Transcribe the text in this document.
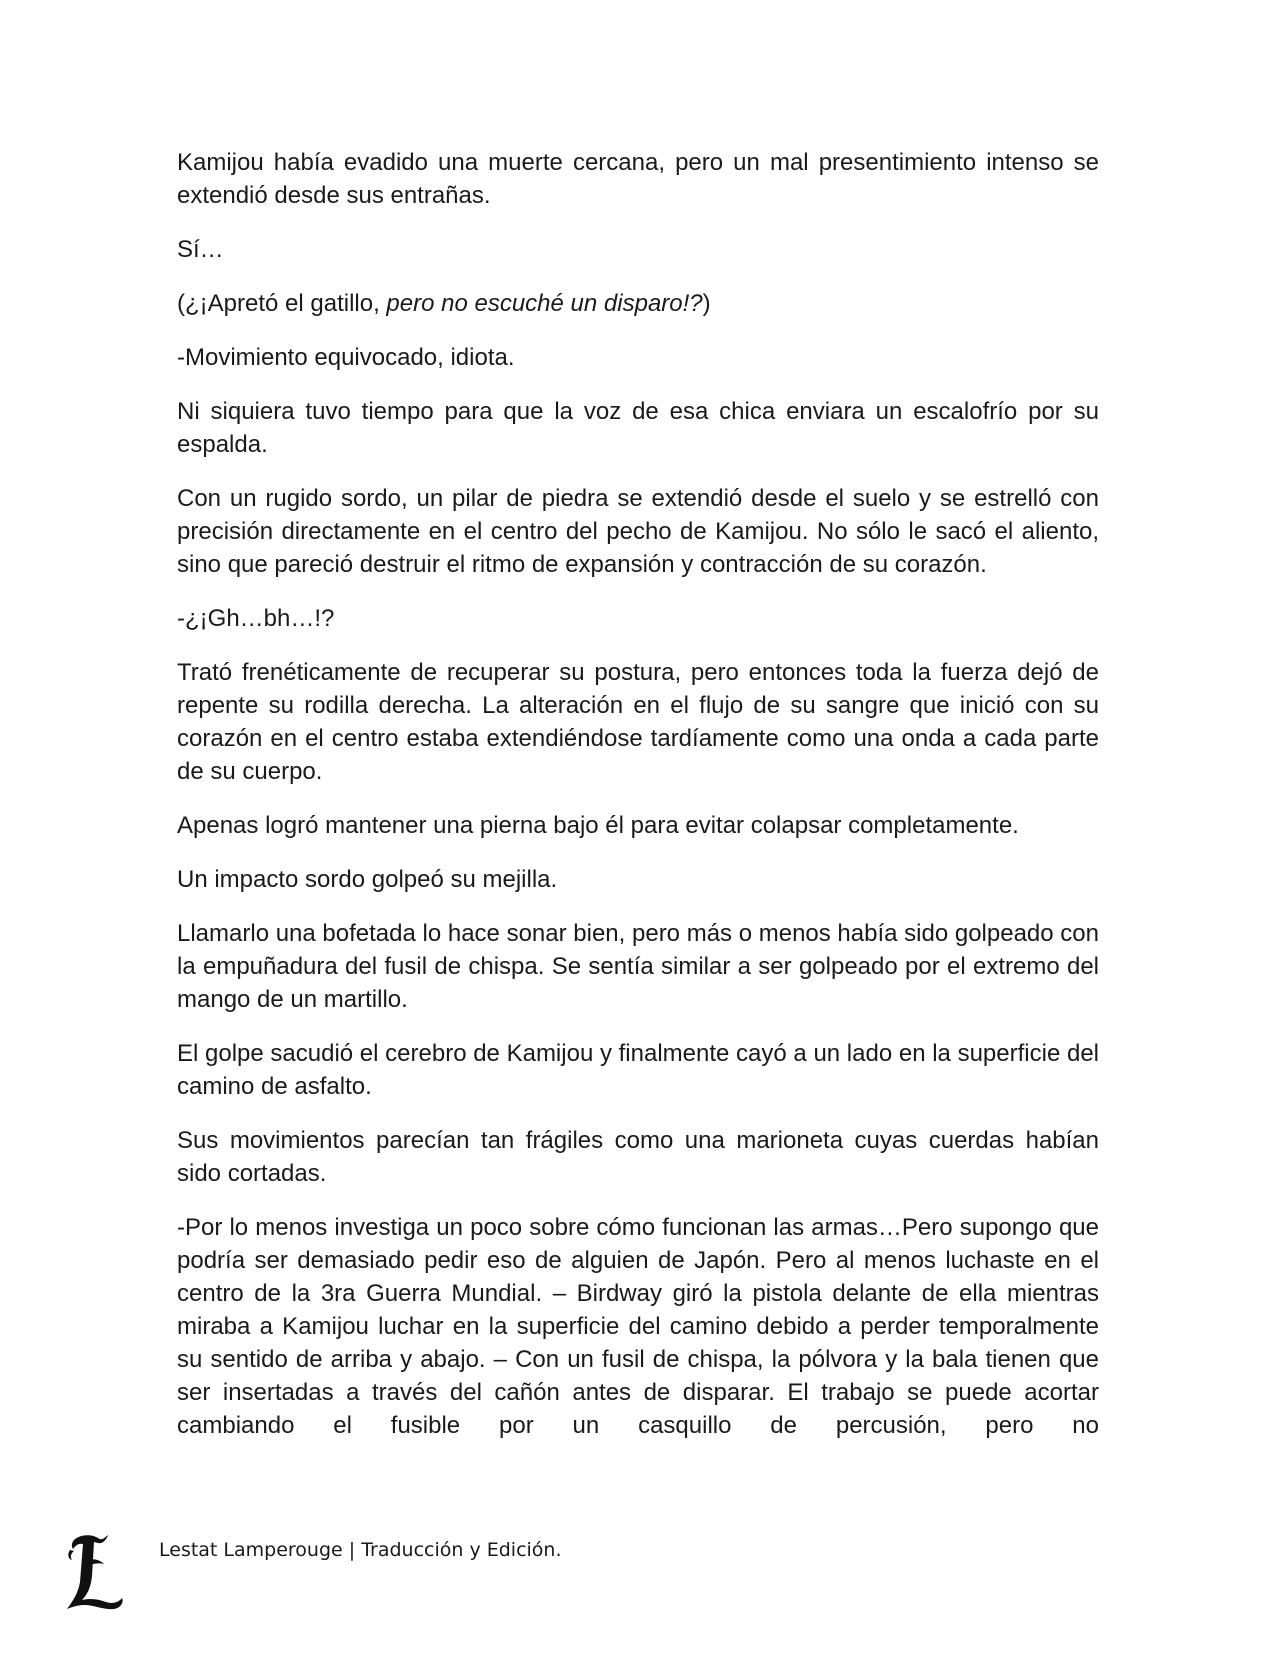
Kamijou había evadido una muerte cercana, pero un mal presentimiento intenso se extendió desde sus entrañas.

Sí…

(¿¡Apretó el gatillo, pero no escuché un disparo!?)

-Movimiento equivocado, idiota.

Ni siquiera tuvo tiempo para que la voz de esa chica enviara un escalofrío por su espalda.

Con un rugido sordo, un pilar de piedra se extendió desde el suelo y se estrelló con precisión directamente en el centro del pecho de Kamijou. No sólo le sacó el aliento, sino que pareció destruir el ritmo de expansión y contracción de su corazón.

-¿¡Gh…bh…!?

Trató frenéticamente de recuperar su postura, pero entonces toda la fuerza dejó de repente su rodilla derecha. La alteración en el flujo de su sangre que inició con su corazón en el centro estaba extendiéndose tardíamente como una onda a cada parte de su cuerpo.

Apenas logró mantener una pierna bajo él para evitar colapsar completamente.

Un impacto sordo golpeó su mejilla.

Llamarlo una bofetada lo hace sonar bien, pero más o menos había sido golpeado con la empuñadura del fusil de chispa. Se sentía similar a ser golpeado por el extremo del mango de un martillo.

El golpe sacudió el cerebro de Kamijou y finalmente cayó a un lado en la superficie del camino de asfalto.

Sus movimientos parecían tan frágiles como una marioneta cuyas cuerdas habían sido cortadas.

-Por lo menos investiga un poco sobre cómo funcionan las armas…Pero supongo que podría ser demasiado pedir eso de alguien de Japón. Pero al menos luchaste en el centro de la 3ra Guerra Mundial. – Birdway giró la pistola delante de ella mientras miraba a Kamijou luchar en la superficie del camino debido a perder temporalmente su sentido de arriba y abajo. – Con un fusil de chispa, la pólvora y la bala tienen que ser insertadas a través del cañón antes de disparar. El trabajo se puede acortar cambiando el fusible por un casquillo de percusión, pero no

Lestat Lamperouge | Traducción y Edición.
